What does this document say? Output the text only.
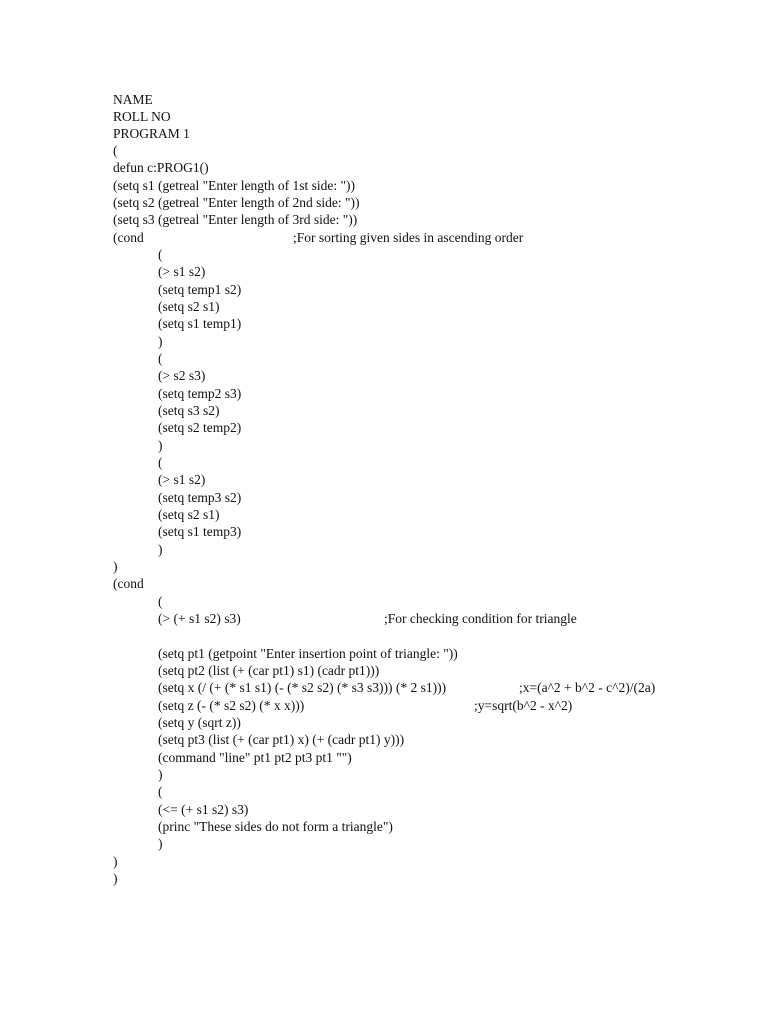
NAME
ROLL NO
PROGRAM 1
(
defun c:PROG1()
(setq s1 (getreal "Enter length of 1st side: "))
(setq s2 (getreal "Enter length of 2nd side: "))
(setq s3 (getreal "Enter length of 3rd side: "))
(cond	;For sorting given sides in ascending order
(
(> s1 s2)
(setq temp1 s2)
(setq s2 s1)
(setq s1 temp1)
)
(
(> s2 s3)
(setq temp2 s3)
(setq s3 s2)
(setq s2 temp2)
)
(
(> s1 s2)
(setq temp3 s2)
(setq s2 s1)
(setq s1 temp3)
)
)
(cond
(
(> (+ s1 s2) s3)	;For checking condition for triangle
(setq pt1 (getpoint "Enter insertion point of triangle: "))
(setq pt2 (list (+ (car pt1) s1) (cadr pt1)))
(setq x (/ (+ (* s1 s1) (- (* s2 s2) (* s3 s3))) (* 2 s1)))	;x=(a^2 + b^2 - c^2)/(2a)
(setq z (- (* s2 s2) (* x x)))	;y=sqrt(b^2 - x^2)
(setq y (sqrt z))
(setq pt3 (list (+ (car pt1) x) (+ (cadr pt1) y)))
(command "line" pt1 pt2 pt3 pt1 "")
)
(
(<= (+ s1 s2) s3)
(princ "These sides do not form a triangle")
)
)
)
